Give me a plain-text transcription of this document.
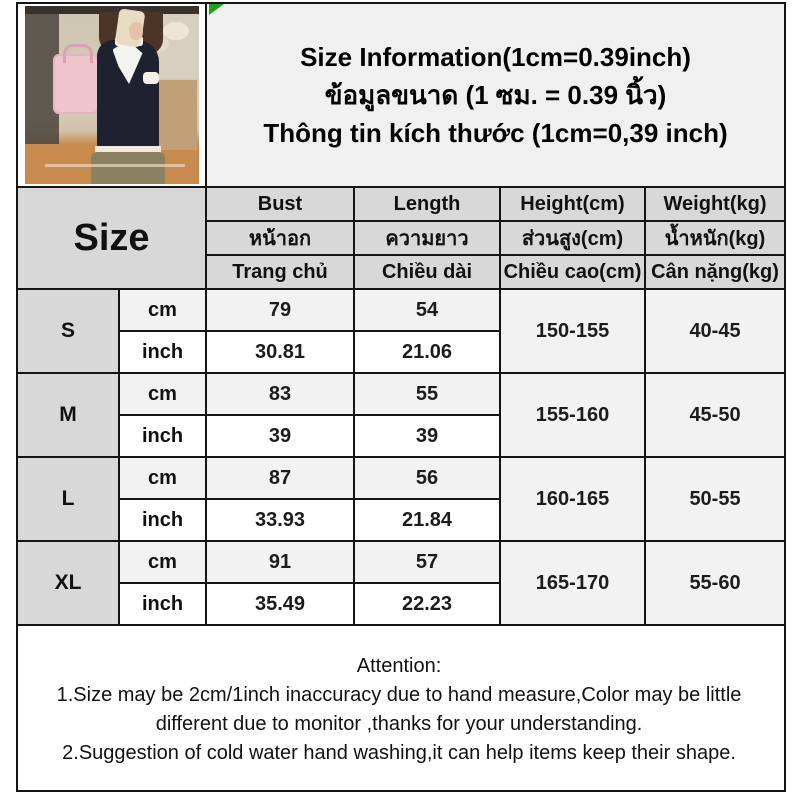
		Size Information(1cm=0.39inch)
ข้อมูลขนาด (1 ซม. = 0.39 นิ้ว)
Thông tin kích thước (1cm=0,39 inch)			

Size		Bust	Length	Height(cm)	Weight(kg)
		หน้าอก	ความยาว	ส่วนสูง(cm)	น้ำหนัก(kg)
		Trang chủ	Chiều dài	Chiều cao(cm)	Cân nặng(kg)
S	cm	79	54	150-155	40-45
	inch	30.81	21.06		
M	cm	83	55	155-160	45-50
	inch	39	39		
L	cm	87	56	160-165	50-55
	inch	33.93	21.84		
XL	cm	91	57	165-170	55-60
	inch	35.49	22.23		

Attention:
1.Size may be 2cm/1inch inaccuracy due to hand measure,Color may be little different due to monitor ,thanks for your understanding.
2.Suggestion of cold water hand washing,it can help items keep their shape.					
